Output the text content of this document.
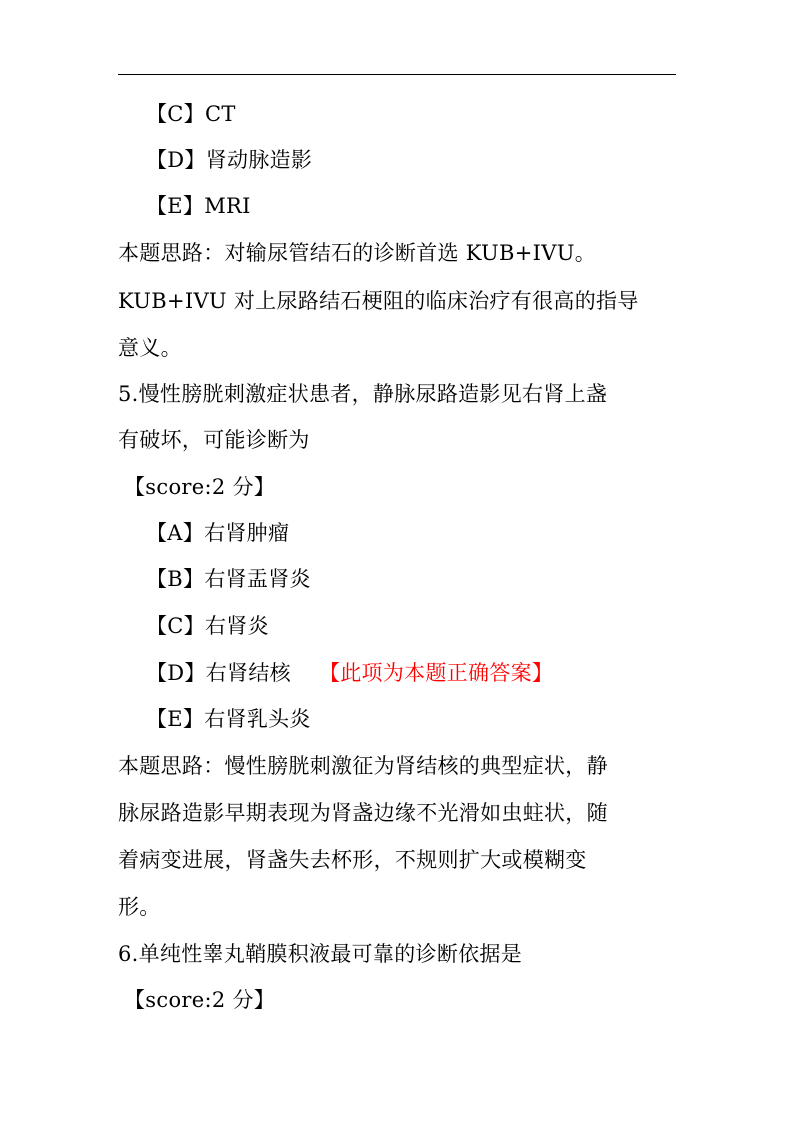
【C】CT
【D】肾动脉造影
【E】MRI
本题思路：对输尿管结石的诊断首选 KUB+IVU。
KUB+IVU 对上尿路结石梗阻的临床治疗有很高的指导
意义。
5.慢性膀胱刺激症状患者，静脉尿路造影见右肾上盏
有破坏，可能诊断为
【score:2 分】
【A】右肾肿瘤
【B】右肾盂肾炎
【C】右肾炎
【D】右肾结核 【此项为本题正确答案】
【E】右肾乳头炎
本题思路：慢性膀胱刺激征为肾结核的典型症状，静
脉尿路造影早期表现为肾盏边缘不光滑如虫蛀状，随
着病变进展，肾盏失去杯形，不规则扩大或模糊变
形。
6.单纯性睾丸鞘膜积液最可靠的诊断依据是
【score:2 分】
